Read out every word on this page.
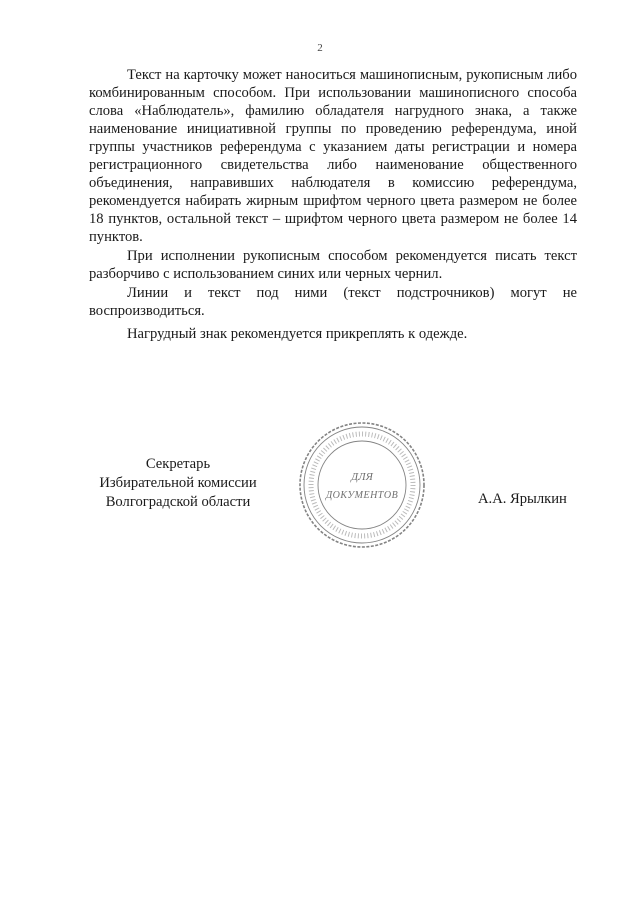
2

Текст на карточку может наноситься машинописным, рукописным либо комбинированным способом. При использовании машинописного способа слова «Наблюдатель», фамилию обладателя нагрудного знака, а также наименование инициативной группы по проведению референдума, иной группы участников референдума с указанием даты регистрации и номера регистрационного свидетельства либо наименование общественного объединения, направивших наблюдателя в комиссию референдума, рекомендуется набирать жирным шрифтом черного цвета размером не более 18 пунктов, остальной текст – шрифтом черного цвета размером не более 14 пунктов.

При исполнении рукописным способом рекомендуется писать текст разборчиво с использованием синих или черных чернил.

Линии и текст под ними (текст подстрочников) могут не воспроизводиться.

Нагрудный знак рекомендуется прикреплять к одежде.

Секретарь
Избирательной комиссии
Волгоградской области	А.А. Ярылкин
ДЛЯ
ДОКУМЕНТОВ
